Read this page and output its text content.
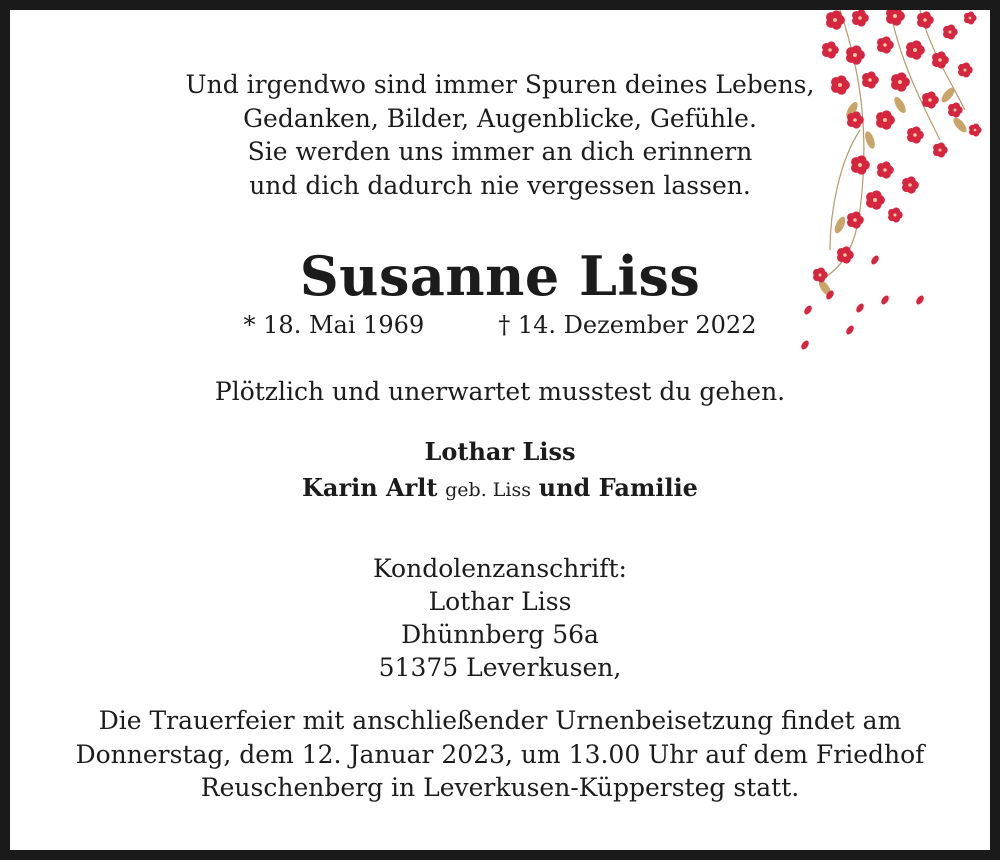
Und irgendwo sind immer Spuren deines Lebens,
Gedanken, Bilder, Augenblicke, Gefühle.
Sie werden uns immer an dich erinnern
und dich dadurch nie vergessen lassen.
Susanne Liss
* 18. Mai 1969	† 14. Dezember 2022
Plötzlich und unerwartet musstest du gehen.
Lothar Liss
Karin Arlt geb. Liss und Familie
Kondolenzanschrift:
Lothar Liss
Dhünnberg 56a
51375 Leverkusen,
Die Trauerfeier mit anschließender Urnenbeisetzung findet am
Donnerstag, dem 12. Januar 2023, um 13.00 Uhr auf dem Friedhof
Reuschenberg in Leverkusen-Küppersteg statt.
